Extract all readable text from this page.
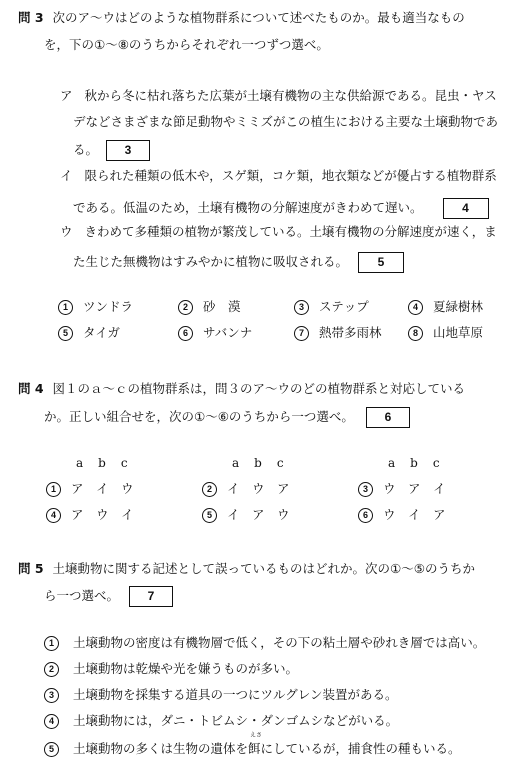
問 3 次のア〜ウはどのような植物群系について述べたものか。最も適当なもの
を，下の①〜⑧のうちからそれぞれ一つずつ選べ。
ア 秋から冬に枯れ落ちた広葉が土壌有機物の主な供給源である。昆虫・ヤス
デなどさまざまな節足動物やミミズがこの植生における主要な土壌動物であ
る。 3
イ 限られた種類の低木や，スゲ類，コケ類，地衣類などが優占する植物群系
である。低温のため，土壌有機物の分解速度がきわめて遅い。	4
ウ きわめて多種類の植物が繁茂している。土壌有機物の分解速度が速く，ま
た生じた無機物はすみやかに植物に吸収される。 5
1 ツンドラ	2 砂　漠	3 ステップ	4 夏緑樹林
5 タイガ	6 サバンナ	7 熱帯多雨林	8 山地草原
問 4 図１のａ〜ｃの植物群系は，問３のア〜ウのどの植物群系と対応している
か。正しい組合せを，次の①〜⑥のうちから一つ選べ。	6
a b c	a b c	a b c
1 ア　イ　ウ	2 イ　ウ　ア	3 ウ　ア　イ
4 ア　ウ　イ	5 イ　ア　ウ	6 ウ　イ　ア
問 5 土壌動物に関する記述として誤っているものはどれか。次の①〜⑤のうちか
ら一つ選べ。 7
1 土壌動物の密度は有機物層で低く，その下の粘土層や砂れき層では高い。
2 土壌動物は乾燥や光を嫌うものが多い。
3 土壌動物を採集する道具の一つにツルグレン装置がある。
4 土壌動物には，ダニ・トビムシ・ダンゴムシなどがいる。
5 土壌動物の多くは生物の遺体を餌
えさ
にしているが，捕食性の種もいる。
